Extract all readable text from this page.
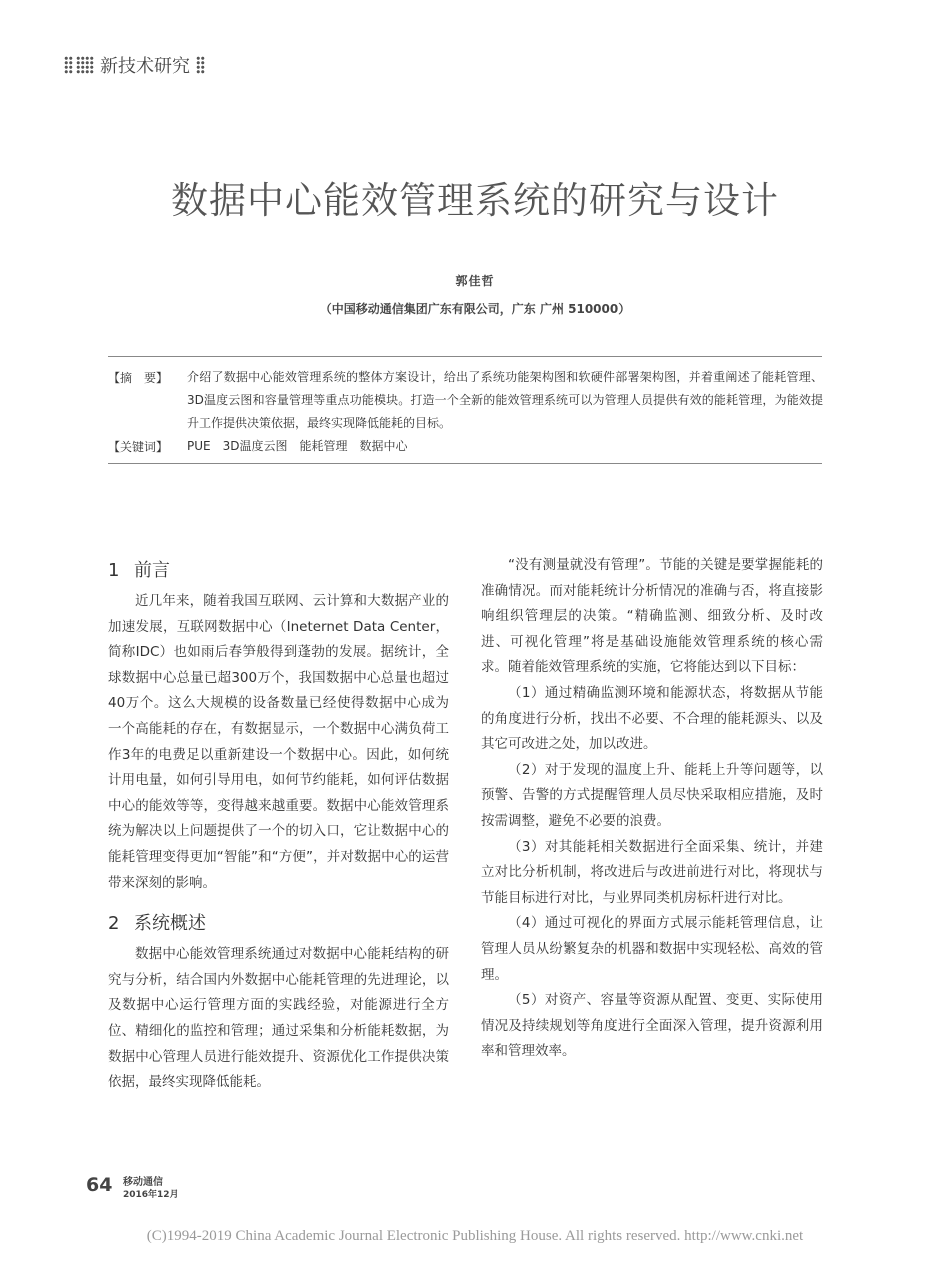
新技术研究
数据中心能效管理系统的研究与设计
郭佳哲
（中国移动通信集团广东有限公司，广东 广州 510000）
【摘　要】 介绍了数据中心能效管理系统的整体方案设计，给出了系统功能架构图和软硬件部署架构图，并着重阐述了能耗管理、3D温度云图和容量管理等重点功能模块。打造一个全新的能效管理系统可以为管理人员提供有效的能耗管理，为能效提升工作提供决策依据，最终实现降低能耗的目标。
【关键词】 PUE　3D温度云图　能耗管理　数据中心
1 前言

近几年来，随着我国互联网、云计算和大数据产业的加速发展，互联网数据中心（Ineternet Data Center，简称IDC）也如雨后春笋般得到蓬勃的发展。据统计，全球数据中心总量已超300万个，我国数据中心总量也超过40万个。这么大规模的设备数量已经使得数据中心成为一个高能耗的存在，有数据显示，一个数据中心满负荷工作3年的电费足以重新建设一个数据中心。因此，如何统计用电量，如何引导用电，如何节约能耗，如何评估数据中心的能效等等，变得越来越重要。数据中心能效管理系统为解决以上问题提供了一个的切入口，它让数据中心的能耗管理变得更加“智能”和“方便”，并对数据中心的运营带来深刻的影响。

2 系统概述

数据中心能效管理系统通过对数据中心能耗结构的研究与分析，结合国内外数据中心能耗管理的先进理论，以及数据中心运行管理方面的实践经验，对能源进行全方位、精细化的监控和管理；通过采集和分析能耗数据，为数据中心管理人员进行能效提升、资源优化工作提供决策依据，最终实现降低能耗。

“没有测量就没有管理”。节能的关键是要掌握能耗的准确情况。而对能耗统计分析情况的准确与否，将直接影响组织管理层的决策。“精确监测、细致分析、及时改进、可视化管理”将是基础设施能效管理系统的核心需求。随着能效管理系统的实施，它将能达到以下目标：

（1）通过精确监测环境和能源状态，将数据从节能的角度进行分析，找出不必要、不合理的能耗源头、以及其它可改进之处，加以改进。

（2）对于发现的温度上升、能耗上升等问题等，以预警、告警的方式提醒管理人员尽快采取相应措施，及时按需调整，避免不必要的浪费。

（3）对其能耗相关数据进行全面采集、统计，并建立对比分析机制，将改进后与改进前进行对比，将现状与节能目标进行对比，与业界同类机房标杆进行对比。

（4）通过可视化的界面方式展示能耗管理信息，让管理人员从纷繁复杂的机器和数据中实现轻松、高效的管理。

（5）对资产、容量等资源从配置、变更、实际使用情况及持续规划等角度进行全面深入管理，提升资源利用率和管理效率。

64 移动通信
2016年12月
(C)1994-2019 China Academic Journal Electronic Publishing House. All rights reserved. http://www.cnki.net
